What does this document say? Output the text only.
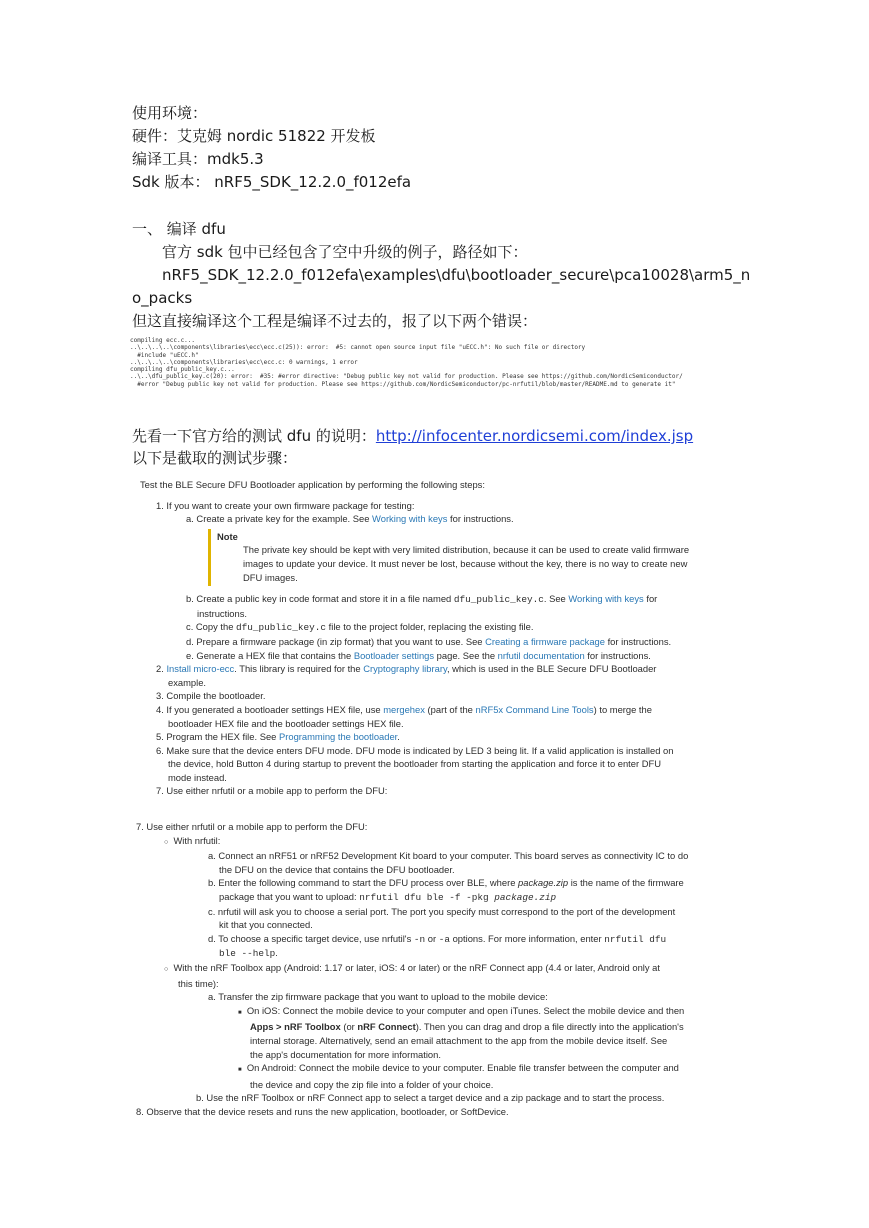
使用环境：
硬件：艾克姆 nordic 51822 开发板
编译工具：mdk5.3
Sdk 版本： nRF5_SDK_12.2.0_f012efa
一、 编译 dfu
官方 sdk 包中已经包含了空中升级的例子，路径如下：
nRF5_SDK_12.2.0_f012efa\examples\dfu\bootloader_secure\pca10028\arm5_n
o_packs
但这直接编译这个工程是编译不过去的，报了以下两个错误：
compiling ecc.c...
..\..\..\..\components\libraries\ecc\ecc.c(25)): error:  #5: cannot open source input file "uECC.h": No such file or directory
#include "uECC.h"
..\..\..\..\components\libraries\ecc\ecc.c: 0 warnings, 1 error
compiling dfu_public_key.c...
..\..\dfu_public_key.c(20): error:  #35: #error directive: "Debug public key not valid for production. Please see https://github.com/NordicSemiconductor/
#error "Debug public key not valid for production. Please see https://github.com/NordicSemiconductor/pc-nrfutil/blob/master/README.md to generate it"
先看一下官方给的测试 dfu 的说明：http://infocenter.nordicsemi.com/index.jsp
以下是截取的测试步骤：
Test the BLE Secure DFU Bootloader application by performing the following steps:
1. If you want to create your own firmware package for testing:
a. Create a private key for the example. See Working with keys for instructions.
Note
The private key should be kept with very limited distribution, because it can be used to create valid firmware
images to update your device. It must never be lost, because without the key, there is no way to create new
DFU images.
b. Create a public key in code format and store it in a file named dfu_public_key.c. See Working with keys for
instructions.
c. Copy the dfu_public_key.c file to the project folder, replacing the existing file.
d. Prepare a firmware package (in zip format) that you want to use. See Creating a firmware package for instructions.
e. Generate a HEX file that contains the Bootloader settings page. See the nrfutil documentation for instructions.
2. Install micro-ecc. This library is required for the Cryptography library, which is used in the BLE Secure DFU Bootloader
example.
3. Compile the bootloader.
4. If you generated a bootloader settings HEX file, use mergehex (part of the nRF5x Command Line Tools) to merge the
bootloader HEX file and the bootloader settings HEX file.
5. Program the HEX file. See Programming the bootloader.
6. Make sure that the device enters DFU mode. DFU mode is indicated by LED 3 being lit. If a valid application is installed on
the device, hold Button 4 during startup to prevent the bootloader from starting the application and force it to enter DFU
mode instead.
7. Use either nrfutil or a mobile app to perform the DFU:
7. Use either nrfutil or a mobile app to perform the DFU:
○ With nrfutil:
a. Connect an nRF51 or nRF52 Development Kit board to your computer. This board serves as connectivity IC to do
the DFU on the device that contains the DFU bootloader.
b. Enter the following command to start the DFU process over BLE, where package.zip is the name of the firmware
package that you want to upload: nrfutil dfu ble -f -pkg package.zip
c. nrfutil will ask you to choose a serial port. The port you specify must correspond to the port of the development
kit that you connected.
d. To choose a specific target device, use nrfutil's -n or -a options. For more information, enter nrfutil dfu
ble --help.
○ With the nRF Toolbox app (Android: 1.17 or later, iOS: 4 or later) or the nRF Connect app (4.4 or later, Android only at
this time):
a. Transfer the zip firmware package that you want to upload to the mobile device:
■ On iOS: Connect the mobile device to your computer and open iTunes. Select the mobile device and then
Apps > nRF Toolbox (or nRF Connect). Then you can drag and drop a file directly into the application's
internal storage. Alternatively, send an email attachment to the app from the mobile device itself. See
the app's documentation for more information.
■ On Android: Connect the mobile device to your computer. Enable file transfer between the computer and
the device and copy the zip file into a folder of your choice.
b. Use the nRF Toolbox or nRF Connect app to select a target device and a zip package and to start the process.
8. Observe that the device resets and runs the new application, bootloader, or SoftDevice.
